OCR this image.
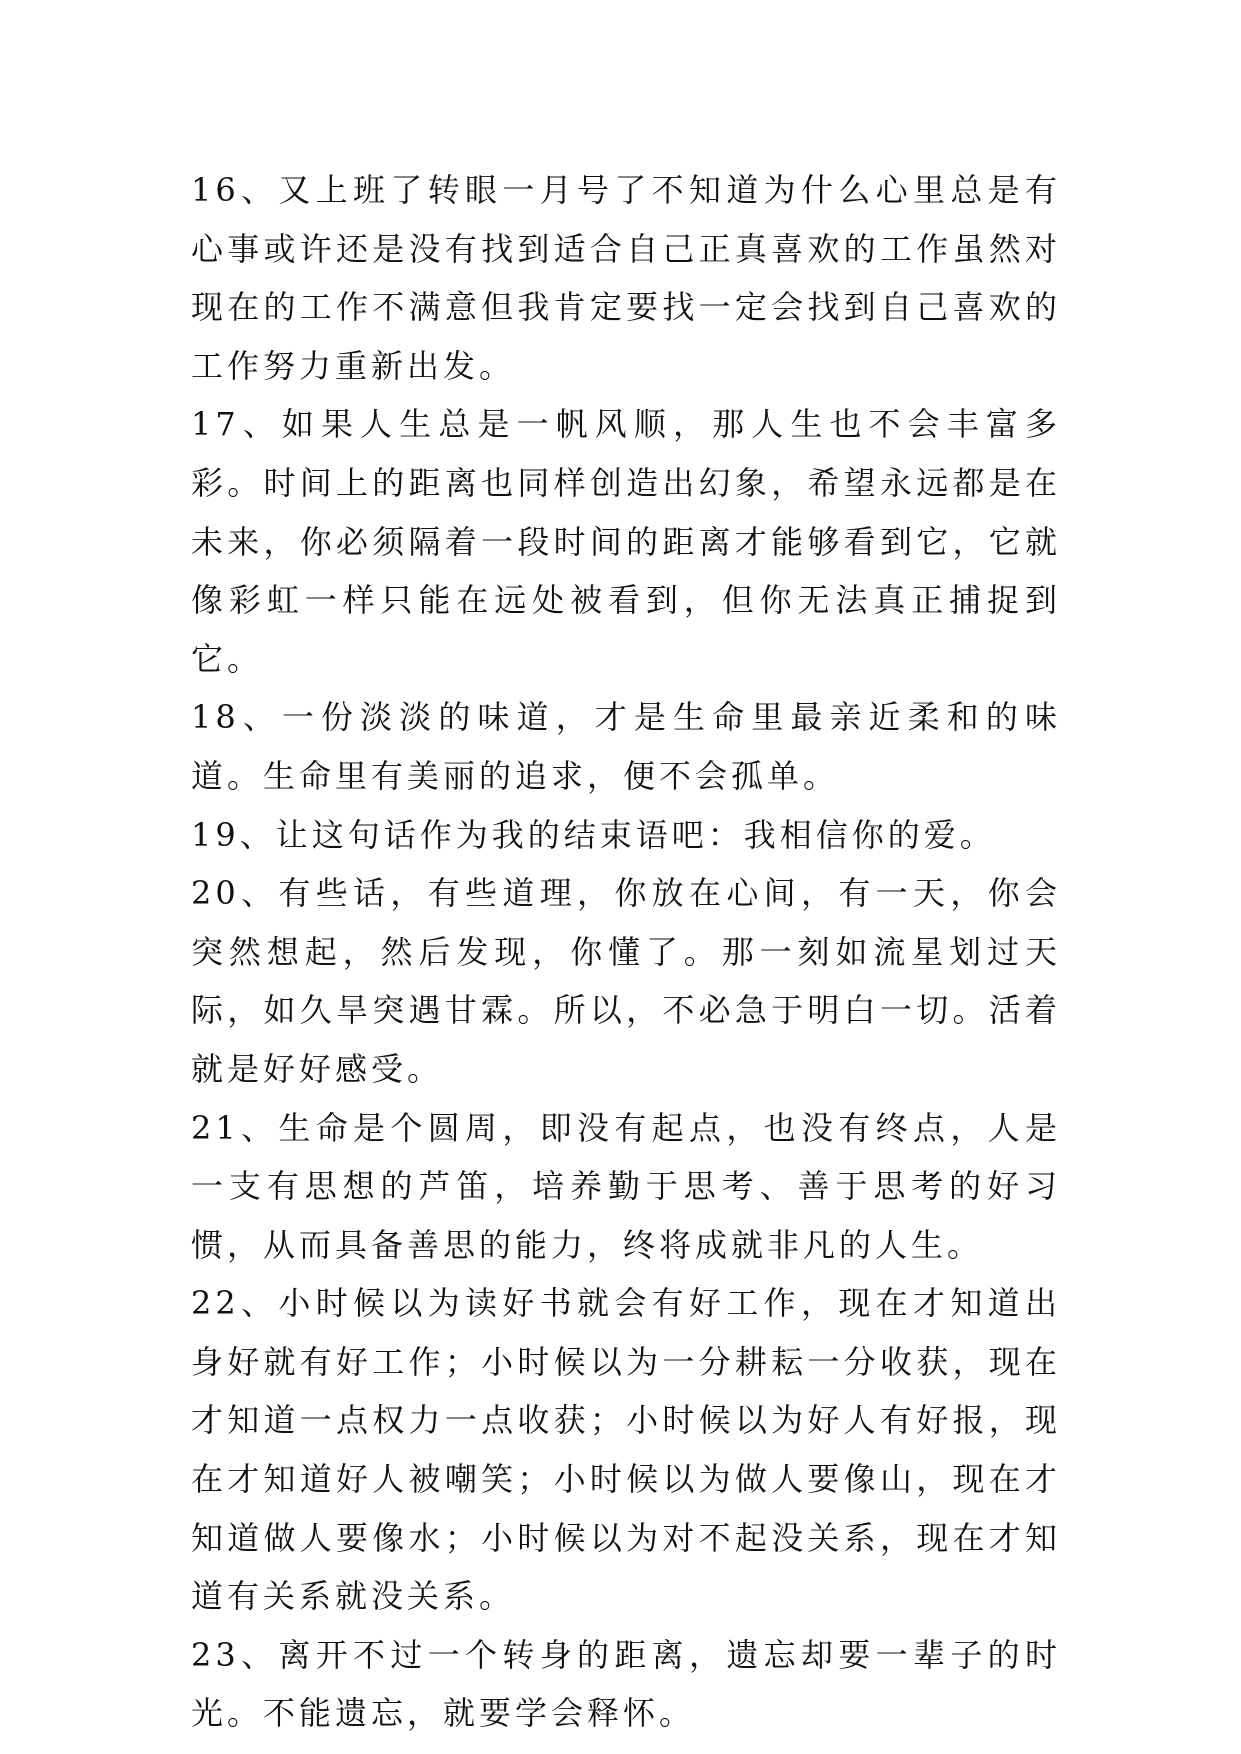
16、又上班了转眼一月号了不知道为什么心里总是有心事或许还是没有找到适合自己正真喜欢的工作虽然对现在的工作不满意但我肯定要找一定会找到自己喜欢的工作努力重新出发。

17、如果人生总是一帆风顺，那人生也不会丰富多彩。时间上的距离也同样创造出幻象，希望永远都是在未来，你必须隔着一段时间的距离才能够看到它，它就像彩虹一样只能在远处被看到，但你无法真正捕捉到它。

18、一份淡淡的味道，才是生命里最亲近柔和的味道。生命里有美丽的追求，便不会孤单。

19、让这句话作为我的结束语吧：我相信你的爱。

20、有些话，有些道理，你放在心间，有一天，你会突然想起，然后发现，你懂了。那一刻如流星划过天际，如久旱突遇甘霖。所以，不必急于明白一切。活着就是好好感受。

21、生命是个圆周，即没有起点，也没有终点，人是一支有思想的芦笛，培养勤于思考、善于思考的好习惯，从而具备善思的能力，终将成就非凡的人生。

22、小时候以为读好书就会有好工作，现在才知道出身好就有好工作；小时候以为一分耕耘一分收获，现在才知道一点权力一点收获；小时候以为好人有好报，现在才知道好人被嘲笑；小时候以为做人要像山，现在才知道做人要像水；小时候以为对不起没关系，现在才知道有关系就没关系。

23、离开不过一个转身的距离，遗忘却要一辈子的时光。不能遗忘，就要学会释怀。
